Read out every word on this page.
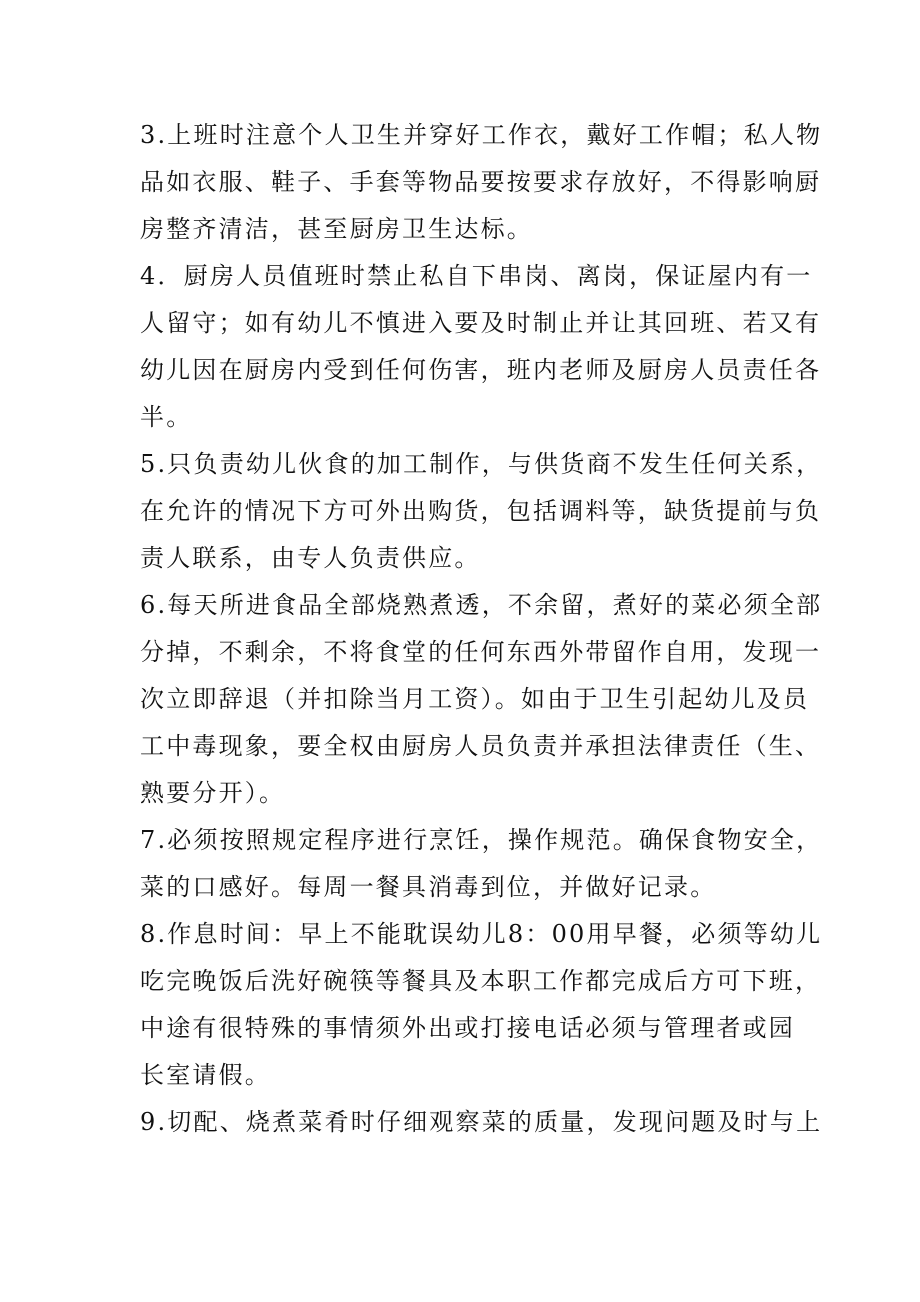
3.上班时注意个人卫生并穿好工作衣，戴好工作帽；私人物
品如衣服、鞋子、手套等物品要按要求存放好，不得影响厨
房整齐清洁，甚至厨房卫生达标。

4．厨房人员值班时禁止私自下串岗、离岗，保证屋内有一
人留守；如有幼儿不慎进入要及时制止并让其回班、若又有
幼儿因在厨房内受到任何伤害，班内老师及厨房人员责任各
半。

5.只负责幼儿伙食的加工制作，与供货商不发生任何关系，
在允许的情况下方可外出购货，包括调料等，缺货提前与负
责人联系，由专人负责供应。

6.每天所进食品全部烧熟煮透，不余留，煮好的菜必须全部
分掉，不剩余，不将食堂的任何东西外带留作自用，发现一
次立即辞退（并扣除当月工资）。如由于卫生引起幼儿及员
工中毒现象，要全权由厨房人员负责并承担法律责任（生、
熟要分开）。

7.必须按照规定程序进行烹饪，操作规范。确保食物安全，
菜的口感好。每周一餐具消毒到位，并做好记录。

8.作息时间：早上不能耽误幼儿8：00用早餐，必须等幼儿
吃完晚饭后洗好碗筷等餐具及本职工作都完成后方可下班，
中途有很特殊的事情须外出或打接电话必须与管理者或园
长室请假。

9.切配、烧煮菜肴时仔细观察菜的质量，发现问题及时与上
